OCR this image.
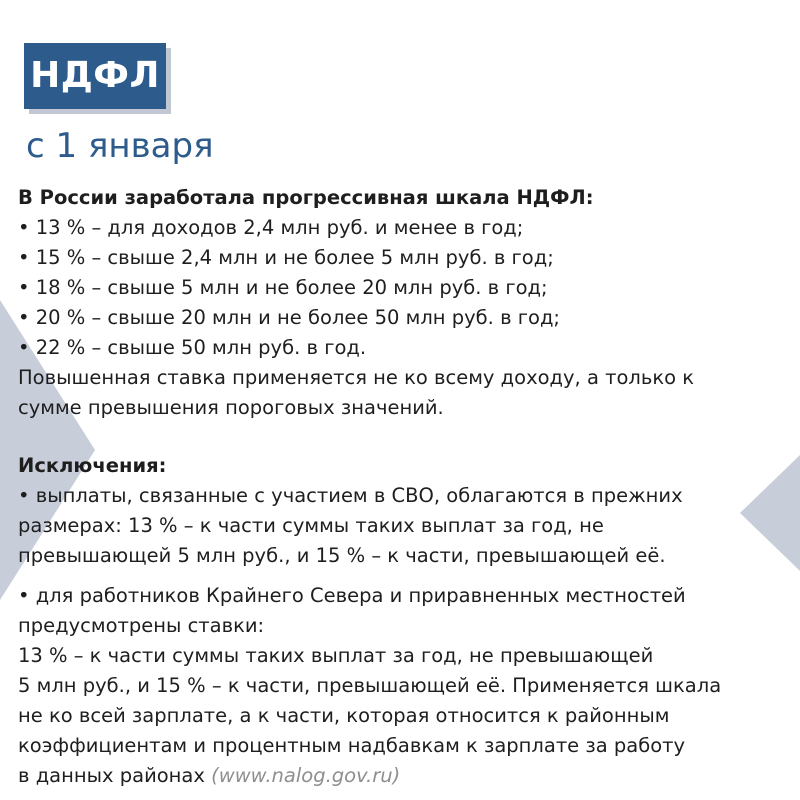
НДФЛ
с 1 января
В России заработала прогрессивная шкала НДФЛ:
• 13 % – для доходов 2,4 млн руб. и менее в год;
• 15 % – свыше 2,4 млн и не более 5 млн руб. в год;
• 18 % – свыше 5 млн и не более 20 млн руб. в год;
• 20 % – свыше 20 млн и не более 50 млн руб. в год;
• 22 % – свыше 50 млн руб. в год.
Повышенная ставка применяется не ко всему доходу, а только к
сумме превышения пороговых значений.
Исключения:
• выплаты, связанные с участием в СВО, облагаются в прежних
размерах: 13 % – к части суммы таких выплат за год, не
превышающей 5 млн руб., и 15 % – к части, превышающей её.
• для работников Крайнего Севера и приравненных местностей
предусмотрены ставки:
13 % – к части суммы таких выплат за год, не превышающей
5 млн руб., и 15 % – к части, превышающей её. Применяется шкала
не ко всей зарплате, а к части, которая относится к районным
коэффициентам и процентным надбавкам к зарплате за работу
в данных районах (www.nalog.gov.ru)
